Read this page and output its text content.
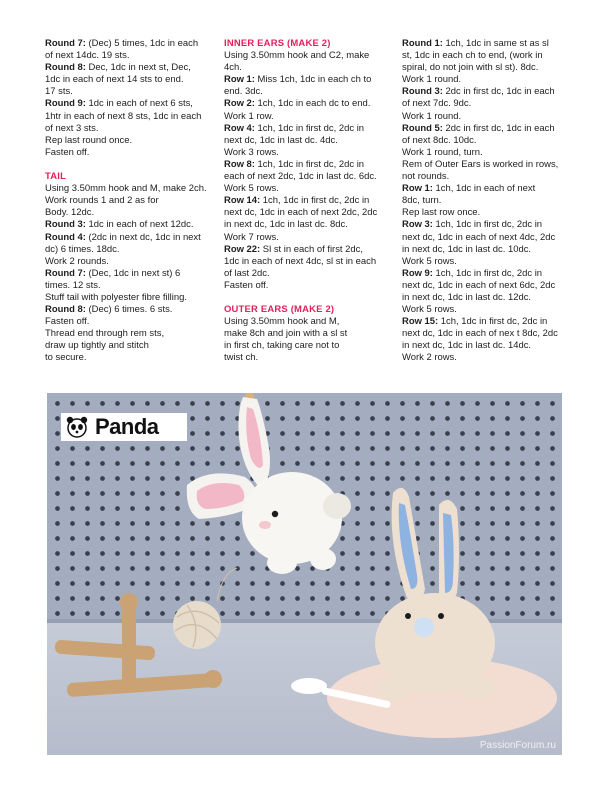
Round 7: (Dec) 5 times, 1dc in each
of next 14dc. 19 sts.
Round 8: Dec, 1dc in next st, Dec,
1dc in each of next 14 sts to end.
17 sts.
Round 9: 1dc in each of next 6 sts,
1htr in each of next 8 sts, 1dc in each
of next 3 sts.
Rep last round once.
Fasten off.
TAIL
Using 3.50mm hook and M, make 2ch.
Work rounds 1 and 2 as for
Body. 12dc.
Round 3: 1dc in each of next 12dc.
Round 4: (2dc in next dc, 1dc in next
dc) 6 times. 18dc.
Work 2 rounds.
Round 7: (Dec, 1dc in next st) 6
times. 12 sts.
Stuff tail with polyester fibre filling.
Round 8: (Dec) 6 times. 6 sts.
Fasten off.
Thread end through rem sts,
draw up tightly and stitch
to secure.
INNER EARS (MAKE 2)
Using 3.50mm hook and C2, make
4ch.
Row 1: Miss 1ch, 1dc in each ch to
end. 3dc.
Row 2: 1ch, 1dc in each dc to end.
Work 1 row.
Row 4: 1ch, 1dc in first dc, 2dc in
next dc, 1dc in last dc. 4dc.
Work 3 rows.
Row 8: 1ch, 1dc in first dc, 2dc in
each of next 2dc, 1dc in last dc. 6dc.
Work 5 rows.
Row 14: 1ch, 1dc in first dc, 2dc in
next dc, 1dc in each of next 2dc, 2dc
in next dc, 1dc in last dc. 8dc.
Work 7 rows.
Row 22: Sl st in each of first 2dc,
1dc in each of next 4dc, sl st in each
of last 2dc.
Fasten off.
OUTER EARS (MAKE 2)
Using 3.50mm hook and M,
make 8ch and join with a sl st
in first ch, taking care not to
twist ch.
Round 1: 1ch, 1dc in same st as sl
st, 1dc in each ch to end, (work in
spiral, do not join with sl st). 8dc.
Work 1 round.
Round 3: 2dc in first dc, 1dc in each
of next 7dc. 9dc.
Work 1 round.
Round 5: 2dc in first dc, 1dc in each
of next 8dc. 10dc.
Work 1 round, turn.
Rem of Outer Ears is worked in rows,
not rounds.
Row 1: 1ch, 1dc in each of next
8dc, turn.
Rep last row once.
Row 3: 1ch, 1dc in first dc, 2dc in
next dc, 1dc in each of next 4dc, 2dc
in next dc, 1dc in last dc. 10dc.
Work 5 rows.
Row 9: 1ch, 1dc in first dc, 2dc in
next dc, 1dc in each of next 6dc, 2dc
in next dc, 1dc in last dc. 12dc.
Work 5 rows.
Row 15: 1ch, 1dc in first dc, 2dc in
next dc, 1dc in each of nex t 8dc, 2dc
in next dc, 1dc in last dc. 14dc.
Work 2 rows.
Panda
PassionForum.ru
